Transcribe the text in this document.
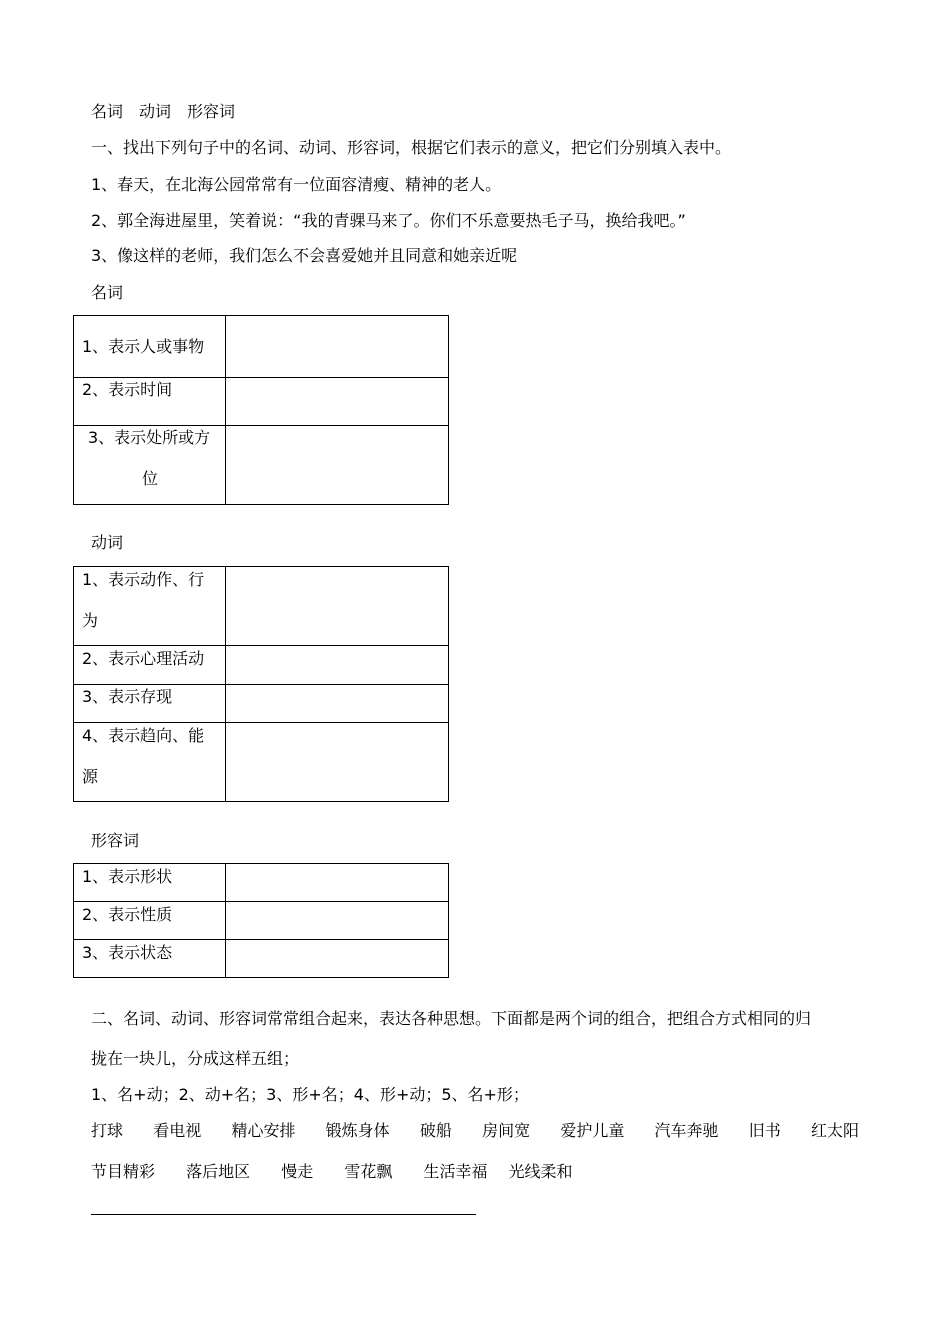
名词　动词　形容词
一、找出下列句子中的名词、动词、形容词，根据它们表示的意义，把它们分别填入表中。
1、春天，在北海公园常常有一位面容清瘦、精神的老人。
2、郭全海进屋里，笑着说：“我的青骒马来了。你们不乐意要热毛子马，换给我吧。”
3、像这样的老师，我们怎么不会喜爱她并且同意和她亲近呢
名词
1、表示人或事物	

2、表示时间	

3、表示处所或方
位	

动词
1、表示动作、行
为	

2、表示心理活动	

3、表示存现	

4、表示趋向、能
源	

形容词
1、表示形状	

2、表示性质	

3、表示状态	

二、名词、动词、形容词常常组合起来，表达各种思想。下面都是两个词的组合，把组合方式相同的归
拢在一块儿，分成这样五组；
1、名+动；2、动+名；3、形+名；4、形+动；5、名+形；
打球 看电视 精心安排 锻炼身体 破船 房间宽 爱护儿童 汽车奔驰 旧书 红太阳
节目精彩 落后地区 慢走 雪花飘 生活幸福 光线柔和
